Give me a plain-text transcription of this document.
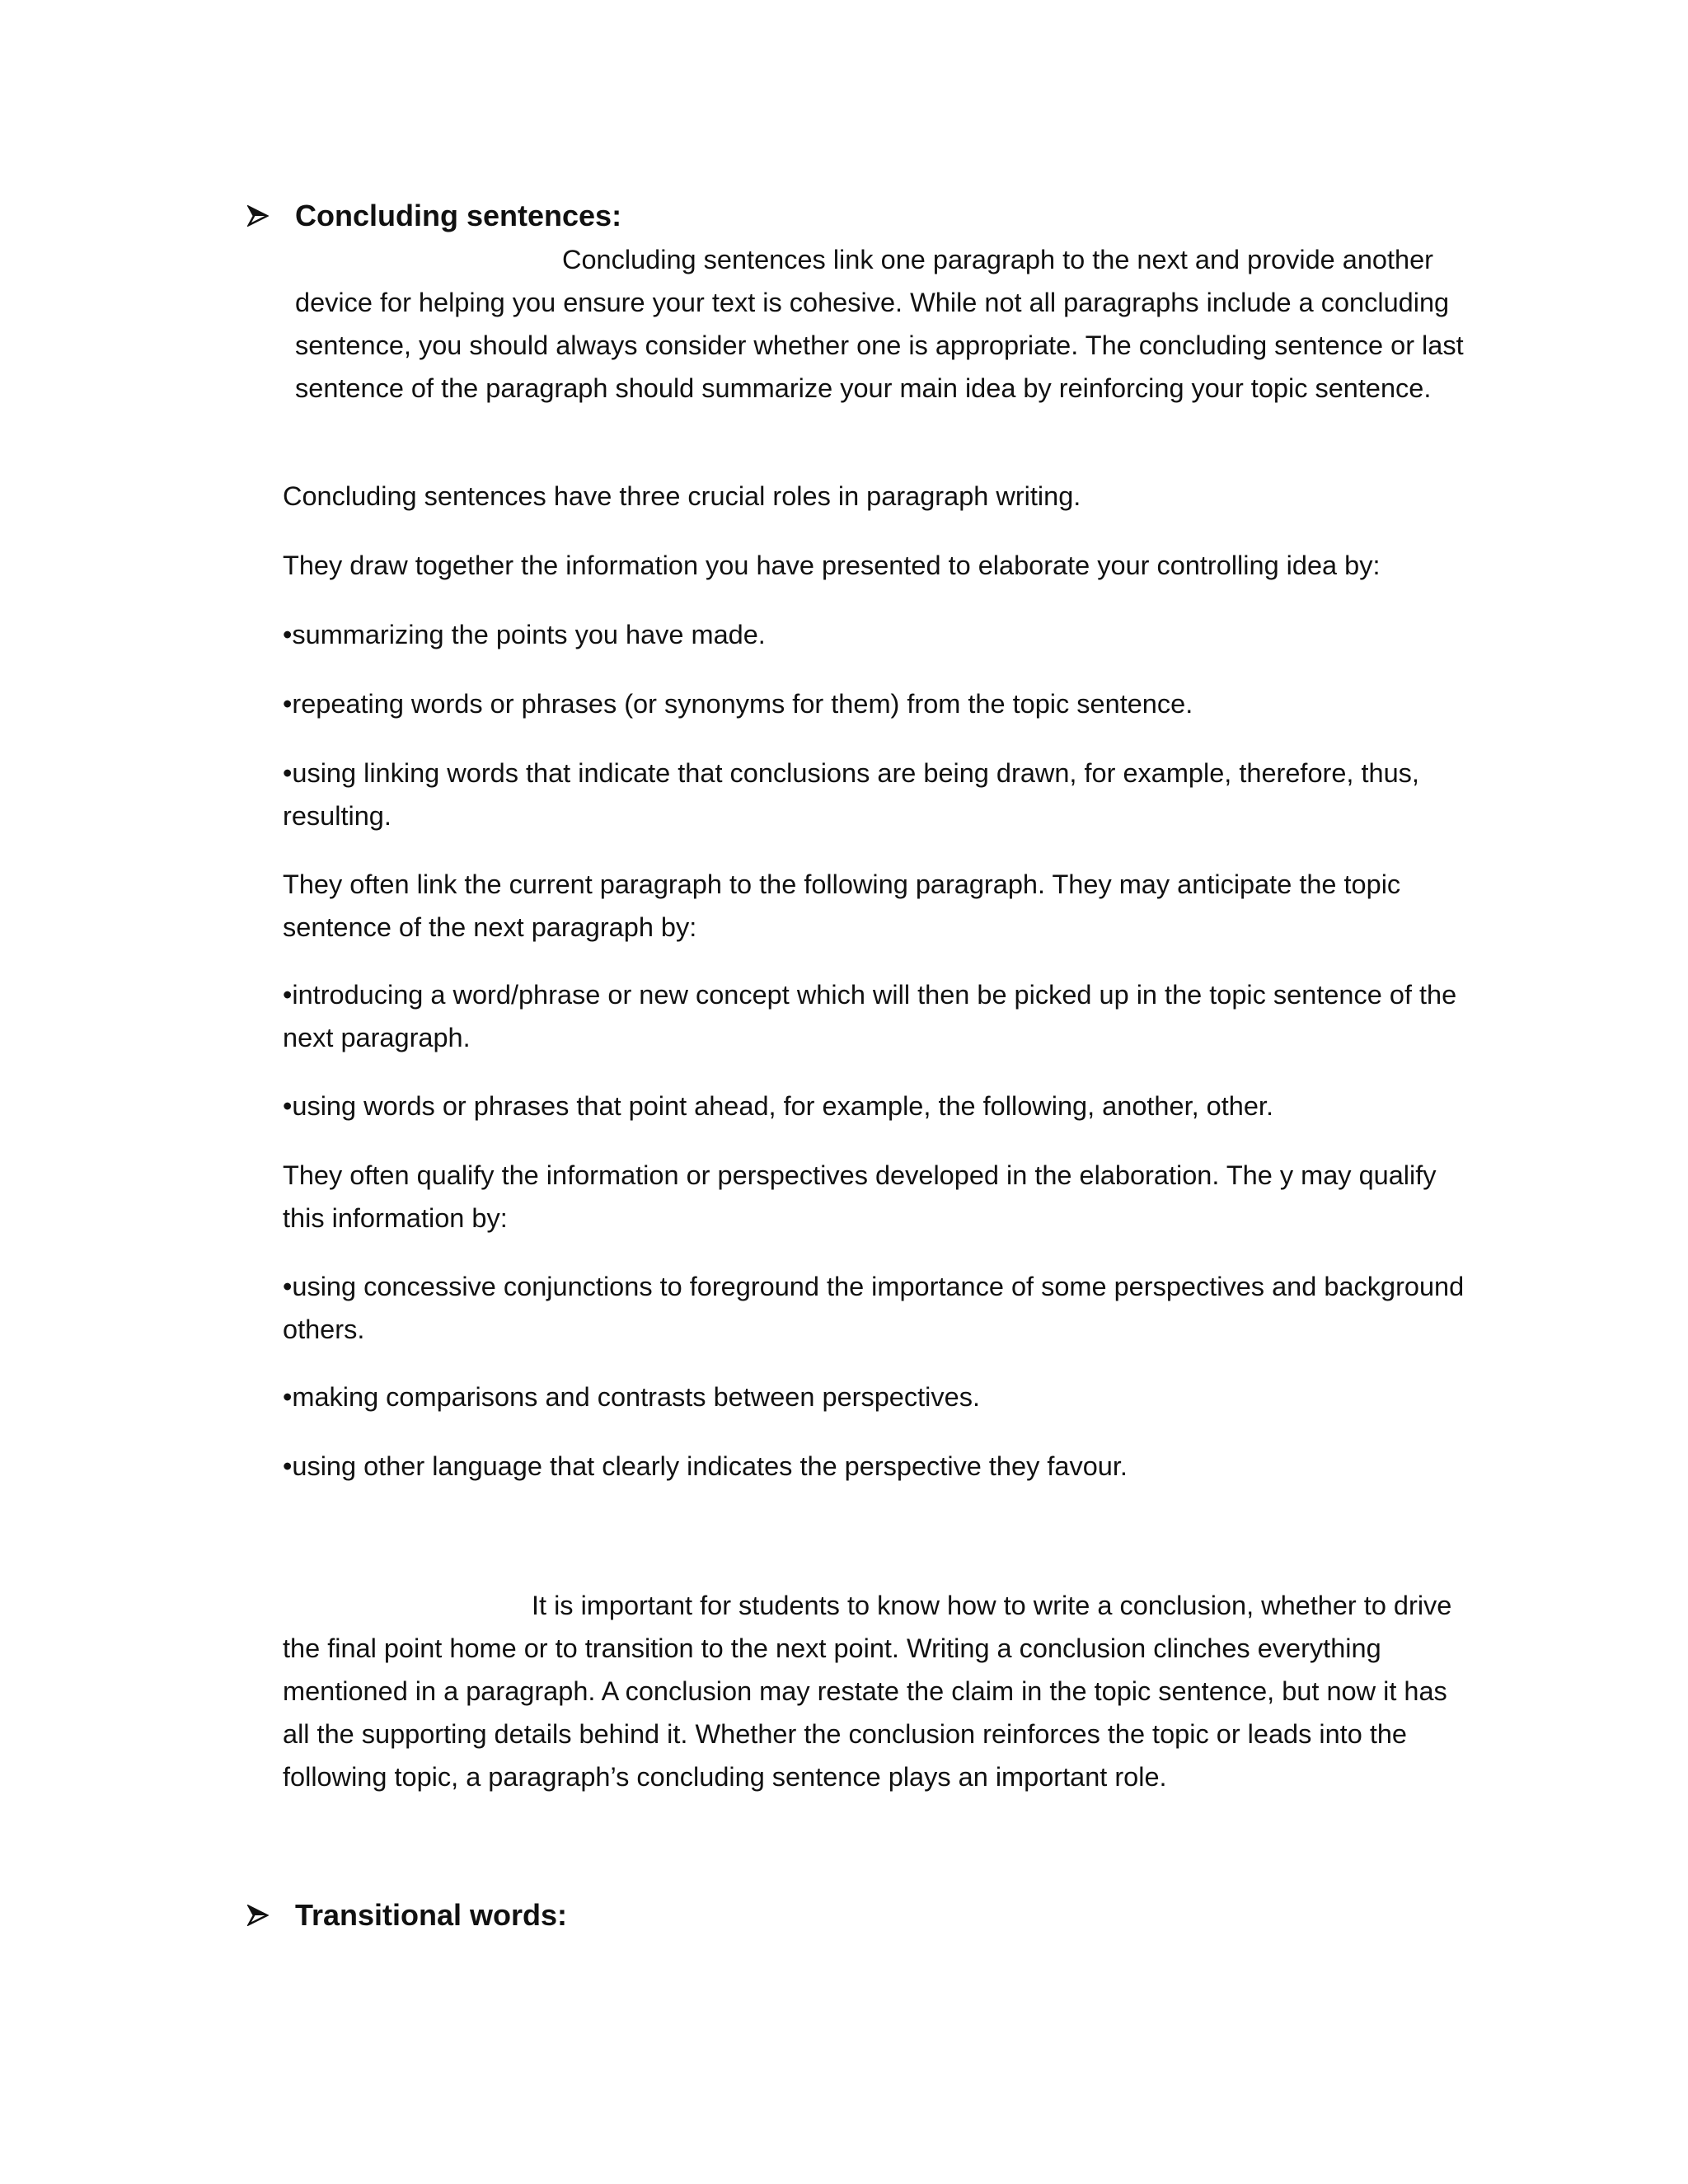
Concluding sentences:
Concluding sentences link one paragraph to the next and provide another device for helping you ensure your text is cohesive. While not all paragraphs include a concluding sentence, you should always consider whether one is appropriate. The concluding sentence or last sentence of the paragraph should summarize your main idea by reinforcing your topic sentence.
Concluding sentences have three crucial roles in paragraph writing.
They draw together the information you have presented to elaborate your controlling idea by:
•summarizing the points you have made.
•repeating words or phrases (or synonyms for them) from the topic sentence.
•using linking words that indicate that conclusions are being drawn, for example, therefore, thus, resulting.
They often link the current paragraph to the following paragraph. They may anticipate the topic sentence of the next paragraph by:
•introducing a word/phrase or new concept which will then be picked up in the topic sentence of the next paragraph.
•using words or phrases that point ahead, for example, the following, another, other.
They often qualify the information or perspectives developed in the elaboration. The y may qualify this information by:
•using concessive conjunctions to foreground the importance of some perspectives and background others.
•making comparisons and contrasts between perspectives.
•using other language that clearly indicates the perspective they favour.
It is important for students to know how to write a conclusion, whether to drive the final point home or to transition to the next point. Writing a conclusion clinches everything mentioned in a paragraph. A conclusion may restate the claim in the topic sentence, but now it has all the supporting details behind it. Whether the conclusion reinforces the topic or leads into the following topic, a paragraph’s concluding sentence plays an important role.
Transitional words:
